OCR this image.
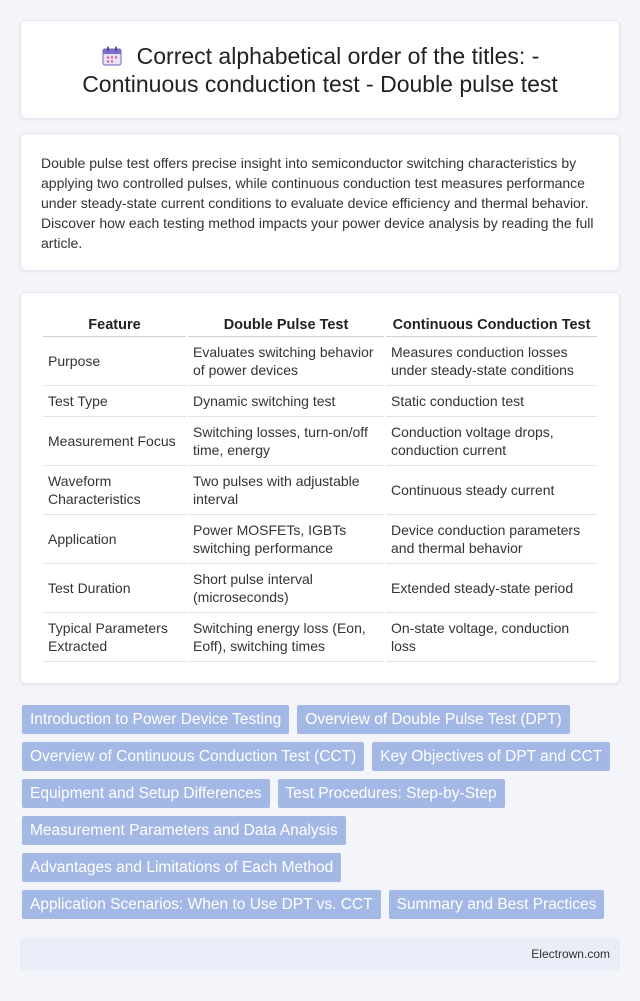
Correct alphabetical order of the titles: - Continuous conduction test - Double pulse test

Double pulse test offers precise insight into semiconductor switching characteristics by applying two controlled pulses, while continuous conduction test measures performance under steady-state current conditions to evaluate device efficiency and thermal behavior. Discover how each testing method impacts your power device analysis by reading the full article.

Feature	Double Pulse Test	Continuous Conduction Test
Purpose	Evaluates switching behavior of power devices	Measures conduction losses under steady-state conditions
Test Type	Dynamic switching test	Static conduction test
Measurement Focus	Switching losses, turn-on/off time, energy	Conduction voltage drops, conduction current
Waveform Characteristics	Two pulses with adjustable interval	Continuous steady current
Application	Power MOSFETs, IGBTs switching performance	Device conduction parameters and thermal behavior
Test Duration	Short pulse interval (microseconds)	Extended steady-state period
Typical Parameters Extracted	Switching energy loss (Eon, Eoff), switching times	On-state voltage, conduction loss
Introduction to Power Device Testing	Overview of Double Pulse Test (DPT)
Overview of Continuous Conduction Test (CCT)	Key Objectives of DPT and CCT
Equipment and Setup Differences	Test Procedures: Step-by-Step
Measurement Parameters and Data Analysis
Advantages and Limitations of Each Method
Application Scenarios: When to Use DPT vs. CCT	Summary and Best Practices
Electrown.com
